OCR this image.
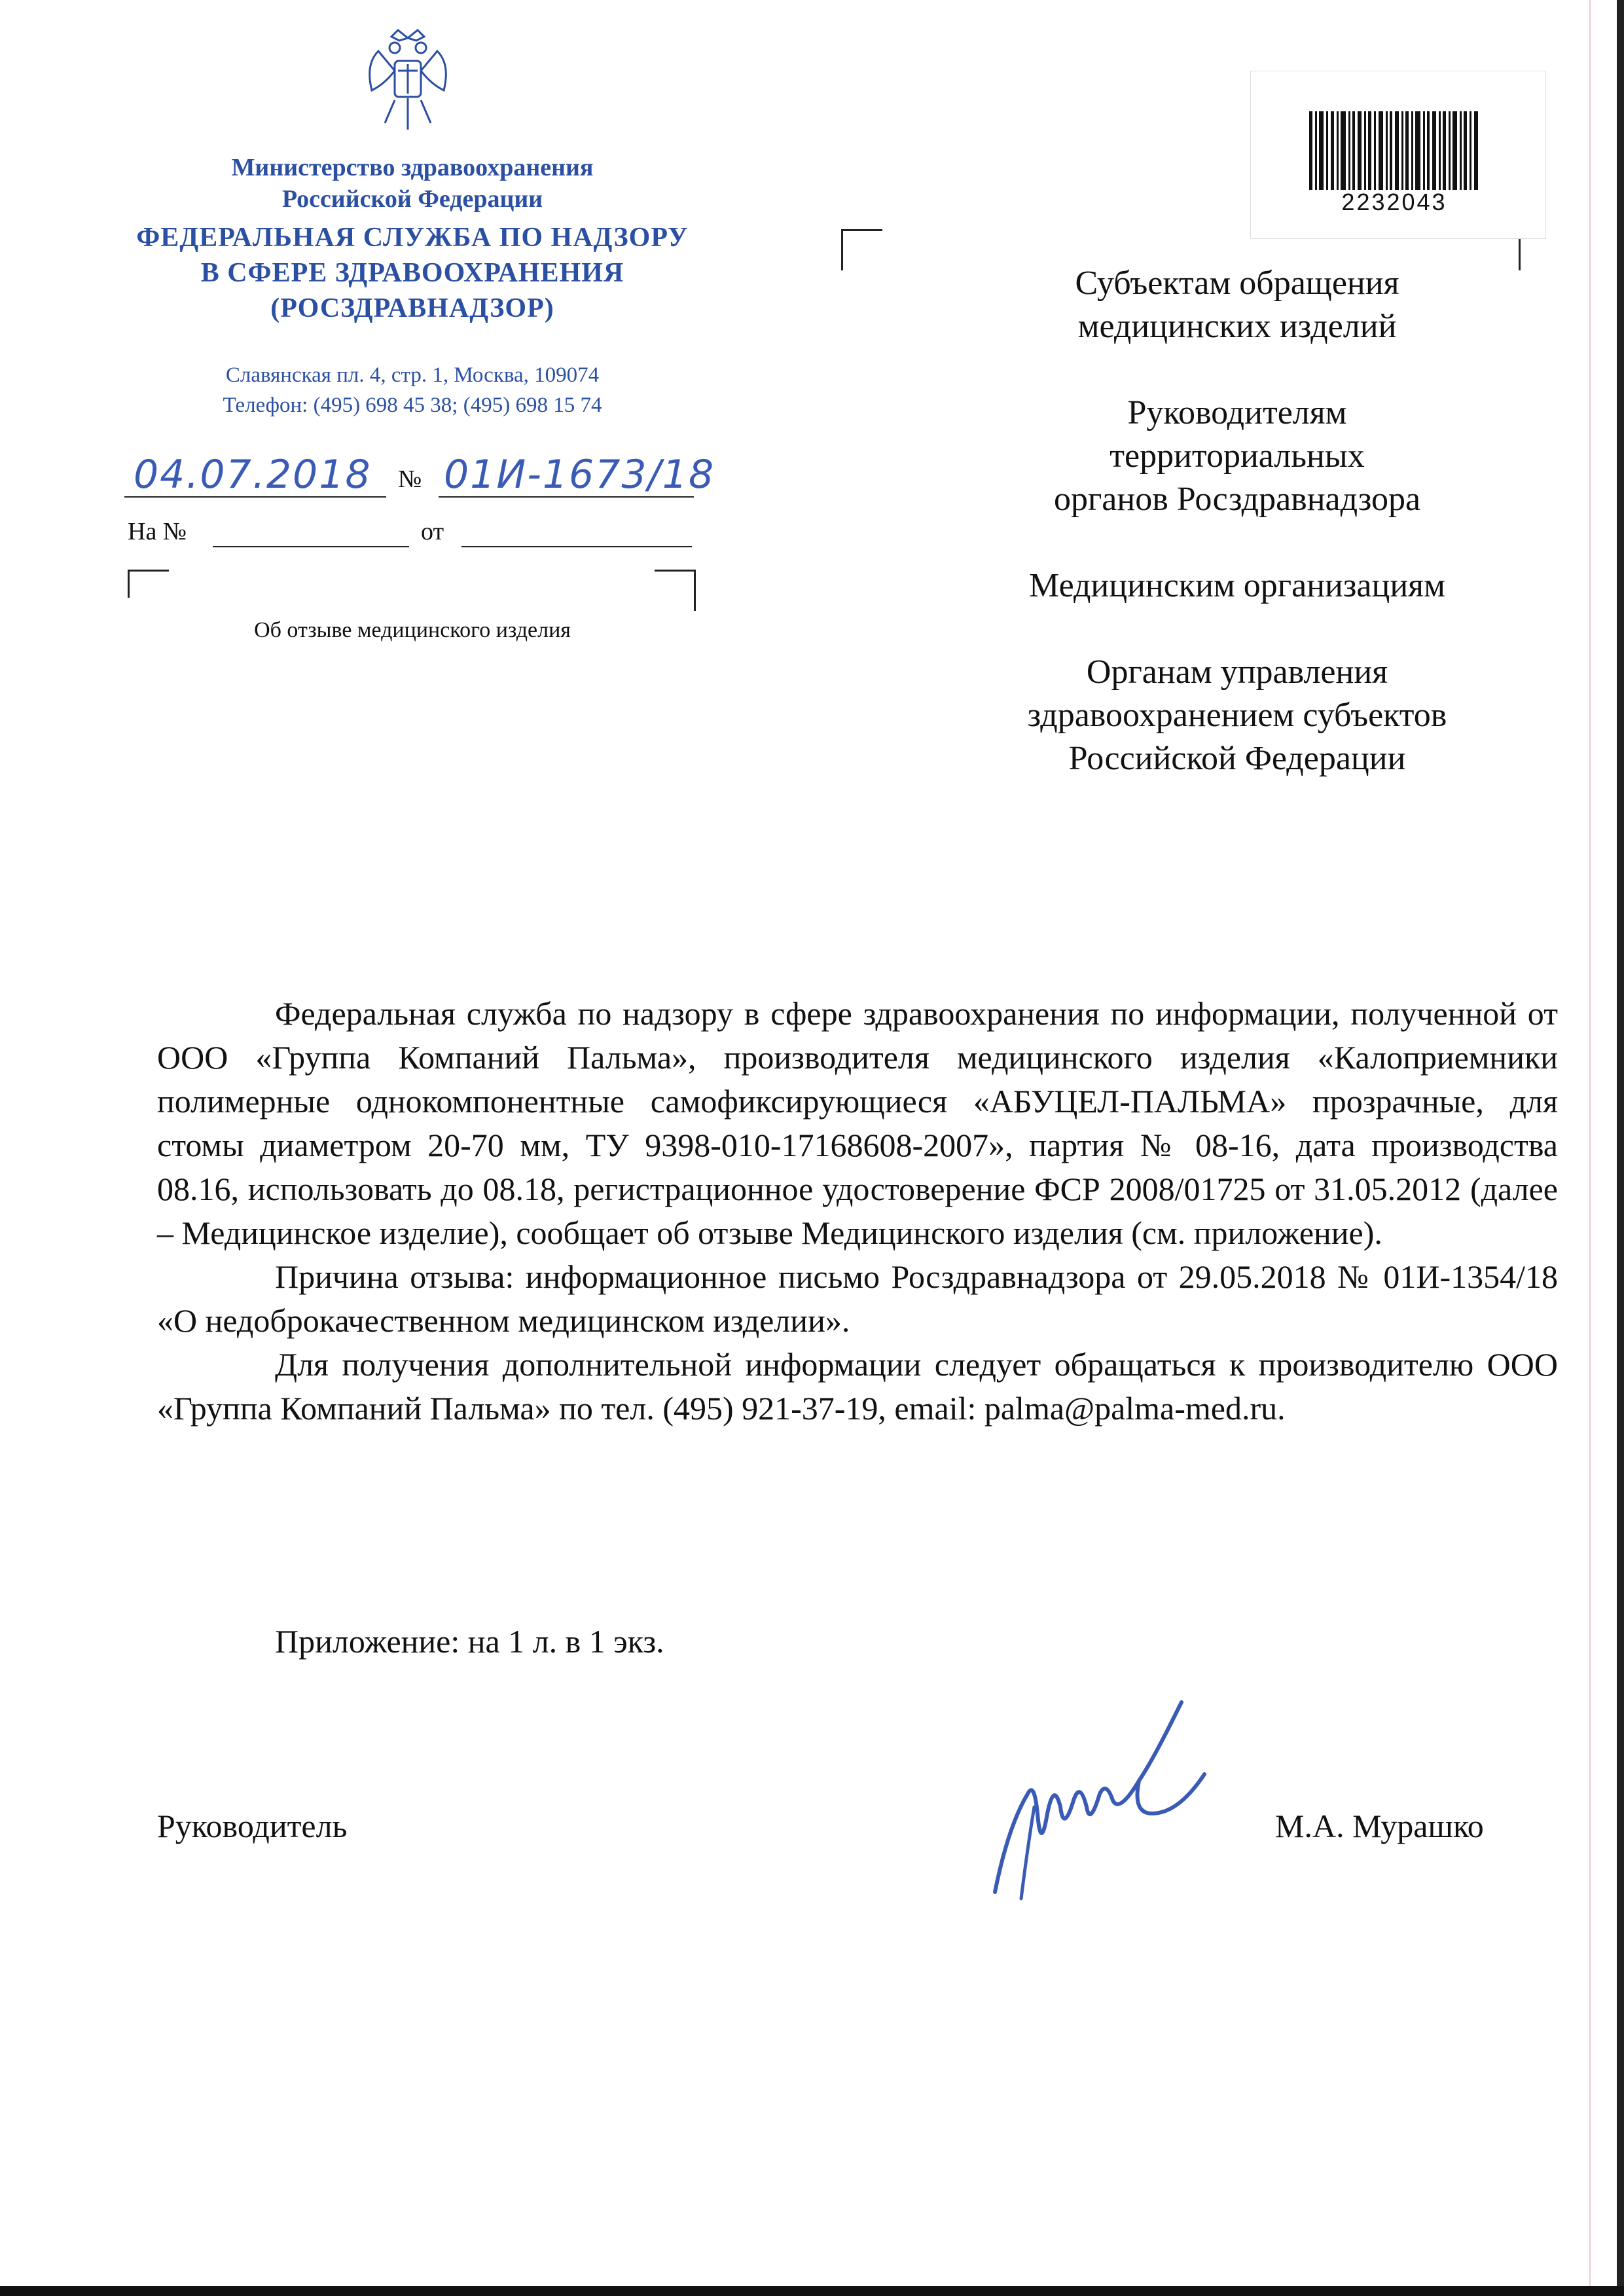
Министерство здравоохранения
Российской Федерации
ФЕДЕРАЛЬНАЯ СЛУЖБА ПО НАДЗОРУ
В СФЕРЕ ЗДРАВООХРАНЕНИЯ
(РОСЗДРАВНАДЗОР)
Славянская пл. 4, стр. 1, Москва, 109074
Телефон: (495) 698 45 38; (495) 698 15 74
04.07.2018 № 01И-1673/18
На №	от
Об отзыве медицинского изделия
2232043
Субъектам обращения
медицинских изделий
Руководителям
территориальных
органов Росздравнадзора
Медицинским организациям
Органам управления
здравоохранением субъектов
Российской Федерации

Федеральная служба по надзору в сфере здравоохранения по информации, полученной от ООО «Группа Компаний Пальма», производителя медицинского изделия «Калоприемники полимерные однокомпонентные самофиксирующиеся «АБУЦЕЛ-ПАЛЬМА» прозрачные, для стомы диаметром 20-70 мм, ТУ 9398-010-17168608-2007», партия № 08-16, дата производства 08.16, использовать до 08.18, регистрационное удостоверение ФСР 2008/01725 от 31.05.2012 (далее – Медицинское изделие), сообщает об отзыве Медицинского изделия (см. приложение).

Причина отзыва: информационное письмо Росздравнадзора от 29.05.2018 № 01И-1354/18 «О недоброкачественном медицинском изделии».

Для получения дополнительной информации следует обращаться к производителю ООО «Группа Компаний Пальма» по тел. (495) 921-37-19, email: palma@palma-med.ru.

Приложение: на 1 л. в 1 экз.
Руководитель	М.А. Мурашко
